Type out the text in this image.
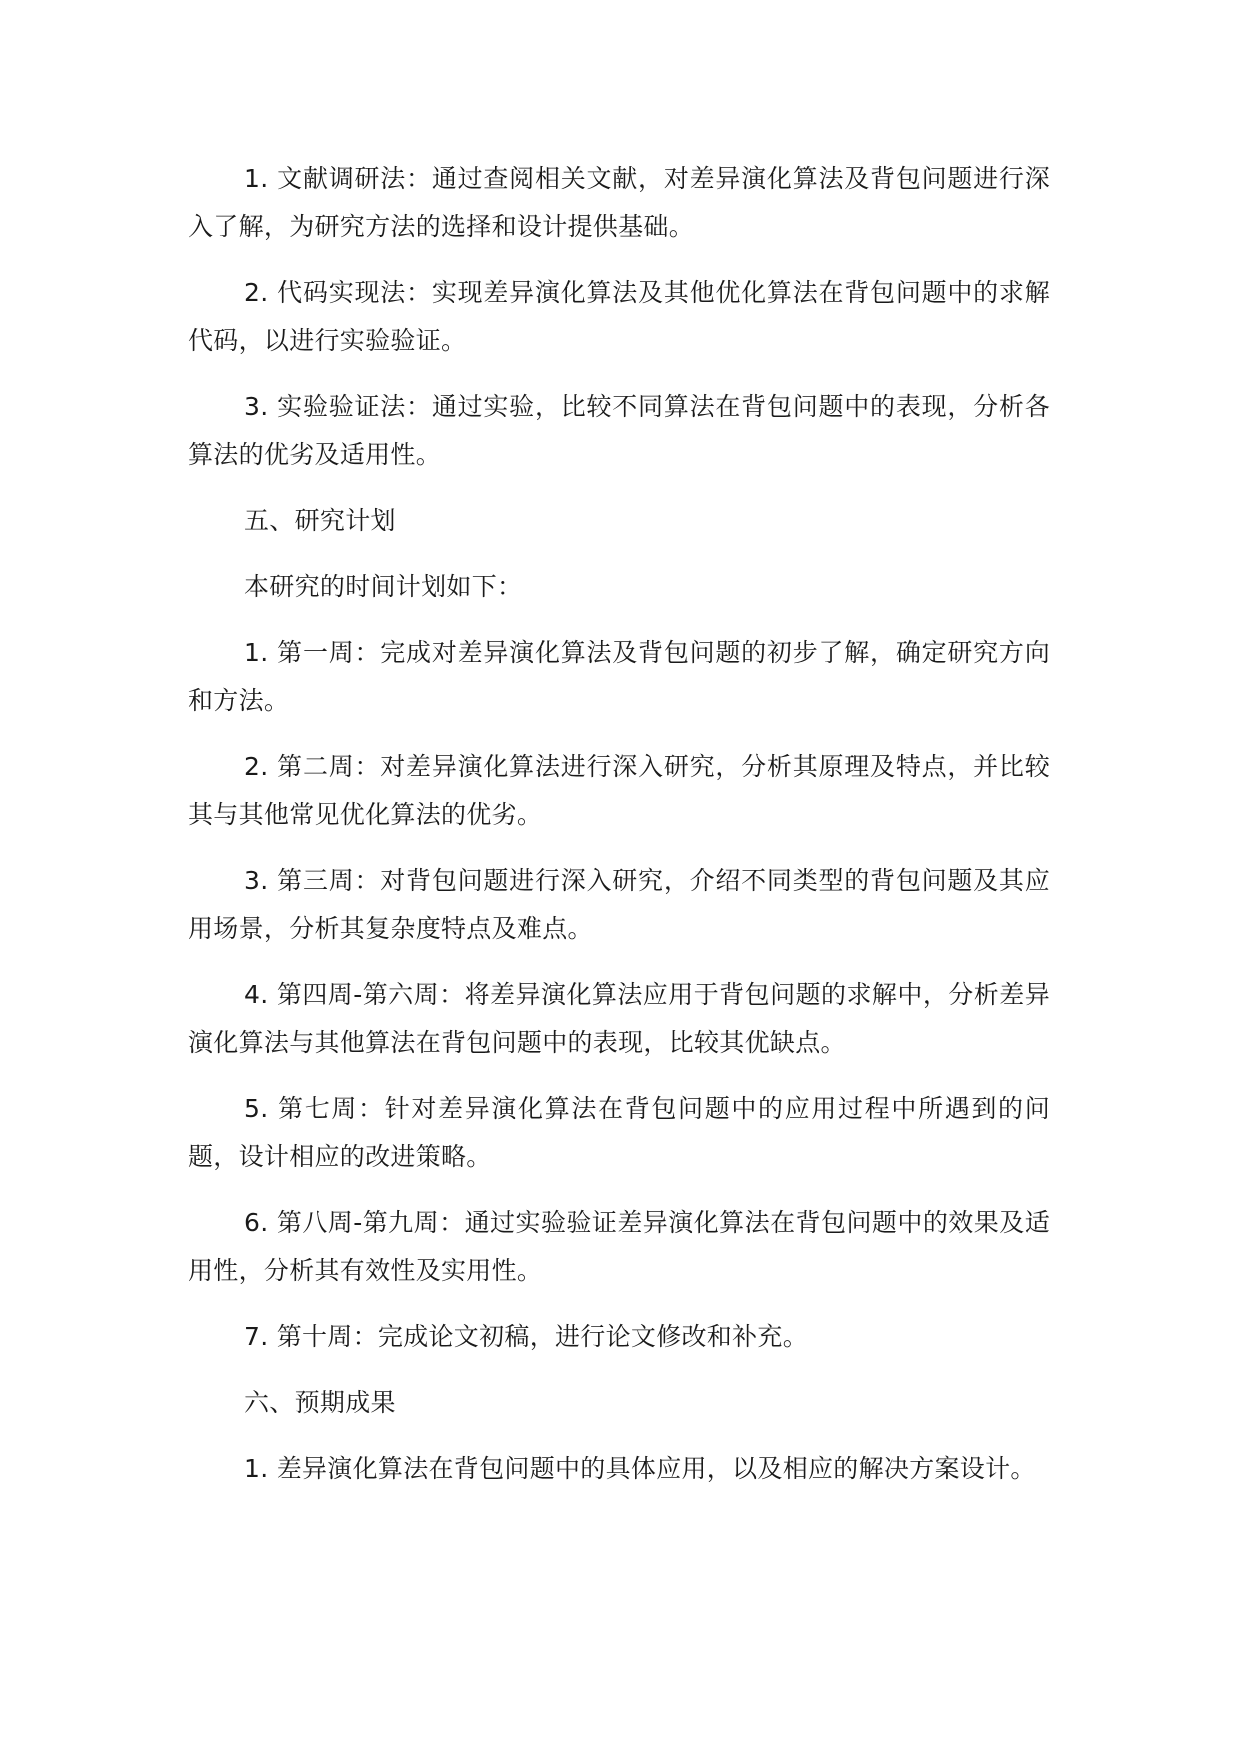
1. 文献调研法：通过查阅相关文献，对差异演化算法及背包问题进行深入了解，为研究方法的选择和设计提供基础。

2. 代码实现法：实现差异演化算法及其他优化算法在背包问题中的求解代码，以进行实验验证。

3. 实验验证法：通过实验，比较不同算法在背包问题中的表现，分析各算法的优劣及适用性。

五、研究计划

本研究的时间计划如下：

1. 第一周：完成对差异演化算法及背包问题的初步了解，确定研究方向和方法。

2. 第二周：对差异演化算法进行深入研究，分析其原理及特点，并比较其与其他常见优化算法的优劣。

3. 第三周：对背包问题进行深入研究，介绍不同类型的背包问题及其应用场景，分析其复杂度特点及难点。

4. 第四周-第六周：将差异演化算法应用于背包问题的求解中，分析差异演化算法与其他算法在背包问题中的表现，比较其优缺点。

5. 第七周：针对差异演化算法在背包问题中的应用过程中所遇到的问题，设计相应的改进策略。

6. 第八周-第九周：通过实验验证差异演化算法在背包问题中的效果及适用性，分析其有效性及实用性。

7. 第十周：完成论文初稿，进行论文修改和补充。

六、预期成果

1. 差异演化算法在背包问题中的具体应用，以及相应的解决方案设计。
